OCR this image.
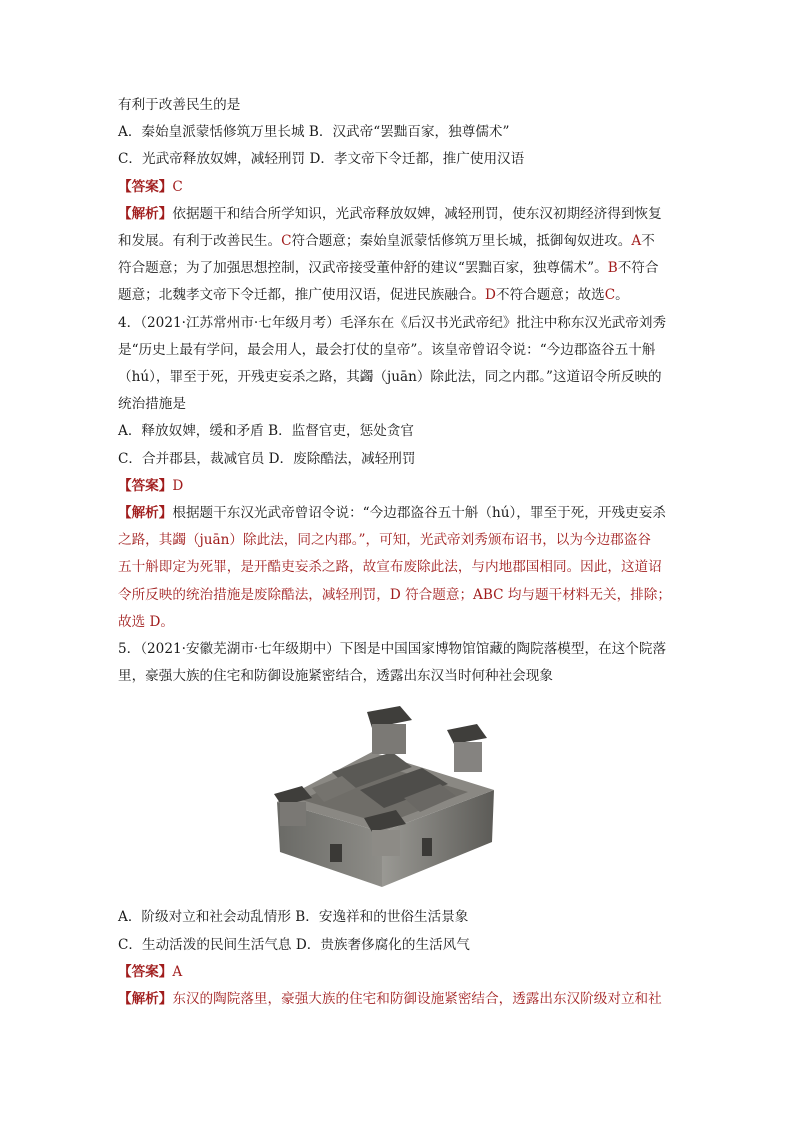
有利于改善民生的是
A．秦始皇派蒙恬修筑万里长城 B．汉武帝“罢黜百家，独尊儒术”
C．光武帝释放奴婢，减轻刑罚 D．孝文帝下令迁都，推广使用汉语
【答案】C
【解析】依据题干和结合所学知识，光武帝释放奴婢，减轻刑罚，使东汉初期经济得到恢复
和发展。有利于改善民生。C符合题意；秦始皇派蒙恬修筑万里长城，抵御匈奴进攻。A不
符合题意；为了加强思想控制，汉武帝接受董仲舒的建议“罢黜百家，独尊儒术”。B不符合
题意；北魏孝文帝下令迁都，推广使用汉语，促进民族融合。D不符合题意；故选C。
4．（2021·江苏常州市·七年级月考）毛泽东在《后汉书光武帝纪》批注中称东汉光武帝刘秀
是“历史上最有学问，最会用人，最会打仗的皇帝”。该皇帝曾诏令说：“今边郡盗谷五十斛
（hú），罪至于死，开残吏妄杀之路，其蠲（juān）除此法，同之内郡。”这道诏令所反映的
统治措施是
A．释放奴婢，缓和矛盾 B．监督官吏，惩处贪官
C．合并郡县，裁减官员 D．废除酷法，减轻刑罚
【答案】D
【解析】根据题干东汉光武帝曾诏令说：“今边郡盗谷五十斛（hú），罪至于死，开残吏妄杀
之路，其蠲（juān）除此法，同之内郡。”，可知，光武帝刘秀颁布诏书，以为今边郡盗谷
五十斛即定为死罪，是开酷吏妄杀之路，故宣布废除此法，与内地郡国相同。因此，这道诏
令所反映的统治措施是废除酷法，减轻刑罚，D 符合题意；ABC 均与题干材料无关，排除；
故选 D。
5．（2021·安徽芜湖市·七年级期中）下图是中国国家博物馆馆藏的陶院落模型，在这个院落
里，豪强大族的住宅和防御设施紧密结合，透露出东汉当时何种社会现象
A．阶级对立和社会动乱情形 B．安逸祥和的世俗生活景象
C．生动活泼的民间生活气息 D．贵族奢侈腐化的生活风气
【答案】A
【解析】东汉的陶院落里，豪强大族的住宅和防御设施紧密结合，透露出东汉阶级对立和社
